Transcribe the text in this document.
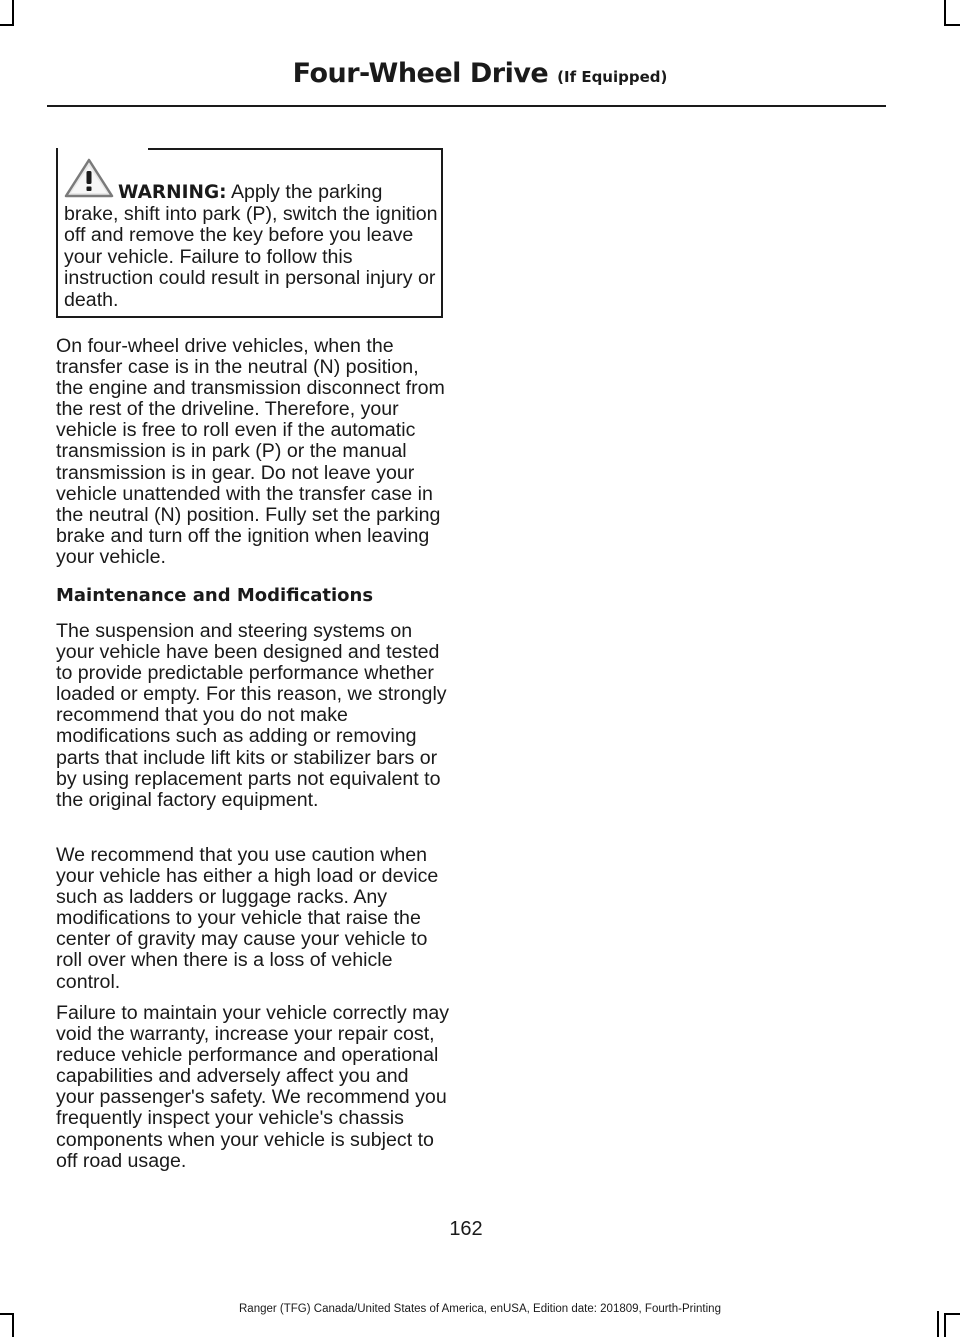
Four-Wheel Drive (If Equipped)
WARNING: Apply the parking brake, shift into park (P), switch the ignition off and remove the key before you leave your vehicle. Failure to follow this instruction could result in personal injury or death.
On four-wheel drive vehicles, when the transfer case is in the neutral (N) position, the engine and transmission disconnect from the rest of the driveline. Therefore, your vehicle is free to roll even if the automatic transmission is in park (P) or the manual transmission is in gear. Do not leave your vehicle unattended with the transfer case in the neutral (N) position. Fully set the parking brake and turn off the ignition when leaving your vehicle.
Maintenance and Modifications
The suspension and steering systems on your vehicle have been designed and tested to provide predictable performance whether loaded or empty. For this reason, we strongly recommend that you do not make modifications such as adding or removing parts that include lift kits or stabilizer bars or by using replacement parts not equivalent to the original factory equipment.
We recommend that you use caution when your vehicle has either a high load or device such as ladders or luggage racks. Any modifications to your vehicle that raise the center of gravity may cause your vehicle to roll over when there is a loss of vehicle control.
Failure to maintain your vehicle correctly may void the warranty, increase your repair cost, reduce vehicle performance and operational capabilities and adversely affect you and your passenger's safety. We recommend you frequently inspect your vehicle's chassis components when your vehicle is subject to off road usage.
162
Ranger (TFG) Canada/United States of America, enUSA, Edition date: 201809, Fourth-Printing
